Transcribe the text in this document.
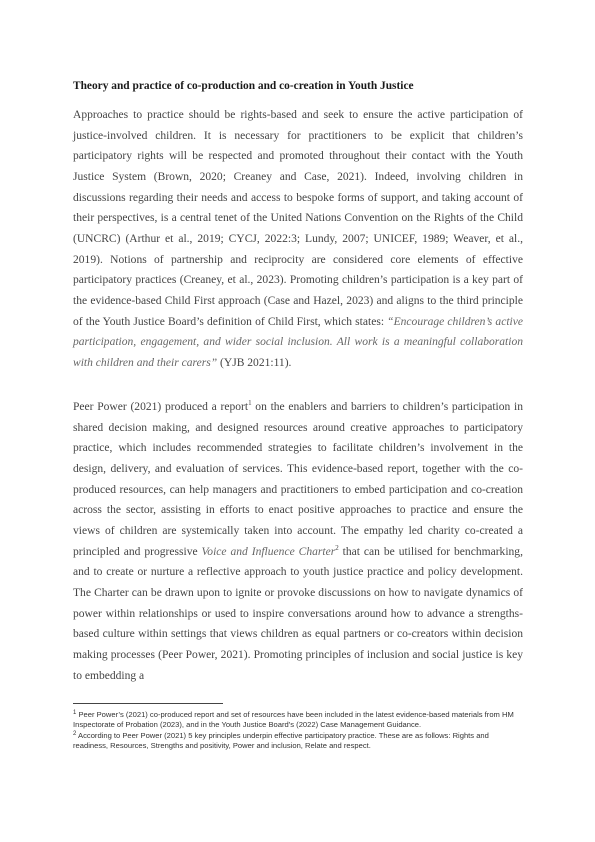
Theory and practice of co-production and co-creation in Youth Justice

Approaches to practice should be rights-based and seek to ensure the active participation of justice-involved children. It is necessary for practitioners to be explicit that children’s participatory rights will be respected and promoted throughout their contact with the Youth Justice System (Brown, 2020; Creaney and Case, 2021). Indeed, involving children in discussions regarding their needs and access to bespoke forms of support, and taking account of their perspectives, is a central tenet of the United Nations Convention on the Rights of the Child (UNCRC) (Arthur et al., 2019; CYCJ, 2022:3; Lundy, 2007; UNICEF, 1989; Weaver, et al., 2019). Notions of partnership and reciprocity are considered core elements of effective participatory practices (Creaney, et al., 2023). Promoting children’s participation is a key part of the evidence-based Child First approach (Case and Hazel, 2023) and aligns to the third principle of the Youth Justice Board’s definition of Child First, which states: “Encourage children’s active participation, engagement, and wider social inclusion. All work is a meaningful collaboration with children and their carers” (YJB 2021:11).

Peer Power (2021) produced a report$^1$ on the enablers and barriers to children’s participation in shared decision making, and designed resources around creative approaches to participatory practice, which includes recommended strategies to facilitate children’s involvement in the design, delivery, and evaluation of services. This evidence-based report, together with the co-produced resources, can help managers and practitioners to embed participation and co-creation across the sector, assisting in efforts to enact positive approaches to practice and ensure the views of children are systemically taken into account. The empathy led charity co-created a principled and progressive Voice and Influence Charter$^2$ that can be utilised for benchmarking, and to create or nurture a reflective approach to youth justice practice and policy development. The Charter can be drawn upon to ignite or provoke discussions on how to navigate dynamics of power within relationships or used to inspire conversations around how to advance a strengths-based culture within settings that views children as equal partners or co-creators within decision making processes (Peer Power, 2021). Promoting principles of inclusion and social justice is key to embedding a

$^1$ Peer Power’s (2021) co-produced report and set of resources have been included in the latest evidence-based materials from HM Inspectorate of Probation (2023), and in the Youth Justice Board’s (2022) Case Management Guidance.

$^2$ According to Peer Power (2021) 5 key principles underpin effective participatory practice. These are as follows: Rights and readiness, Resources, Strengths and positivity, Power and inclusion, Relate and respect.
